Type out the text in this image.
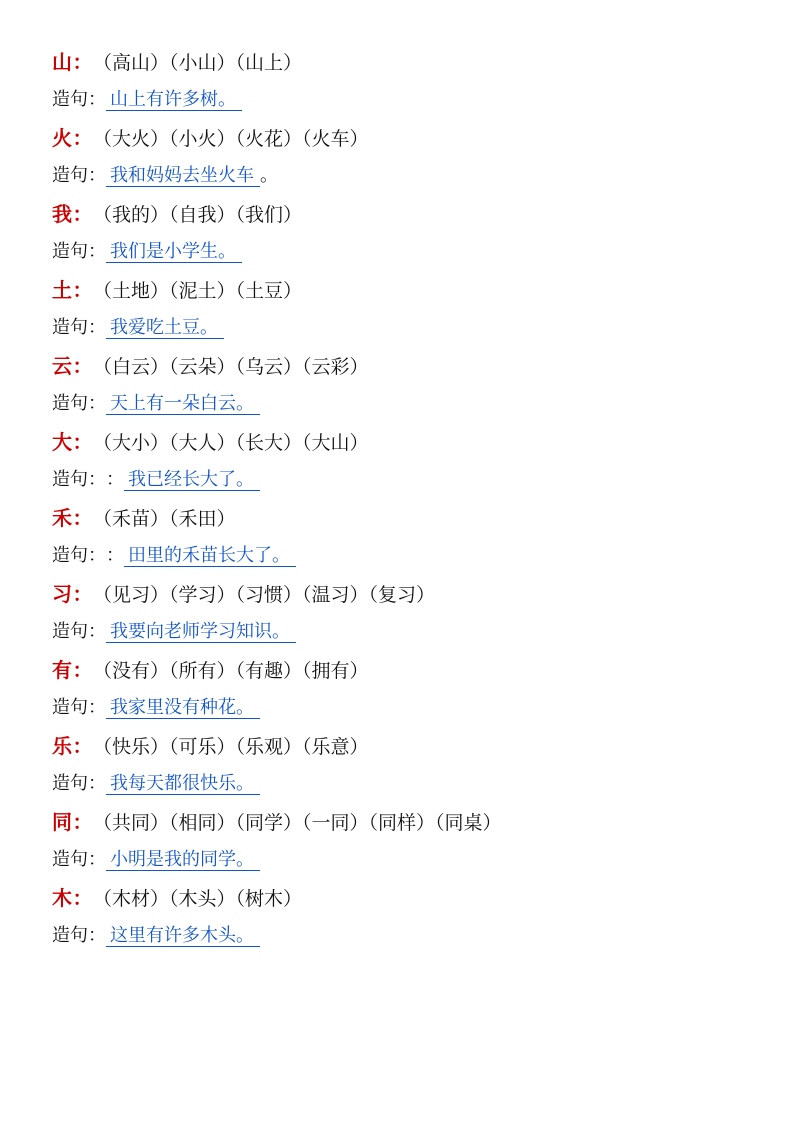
山： （高山）（小山）（山上）
造句： 山上有许多树。
火： （大火）（小火）（火花）（火车）
造句： 我和妈妈去坐火车 。
我： （我的）（自我）（我们）
造句： 我们是小学生。
土： （土地）（泥土）（土豆）
造句： 我爱吃土豆。
云： （白云）（云朵）（乌云）（云彩）
造句： 天上有一朵白云。
大： （大小）（大人）（长大）（大山）
造句： ： 我已经长大了。
禾： （禾苗）（禾田）
造句： ： 田里的禾苗长大了。
习： （见习）（学习）（习惯）（温习）（复习）
造句： 我要向老师学习知识。
有： （没有）（所有）（有趣）（拥有）
造句： 我家里没有种花。
乐： （快乐）（可乐）（乐观）（乐意）
造句： 我每天都很快乐。
同： （共同）（相同）（同学）（一同）（同样）（同桌）
造句： 小明是我的同学。
木： （木材）（木头）（树木）
造句： 这里有许多木头。
